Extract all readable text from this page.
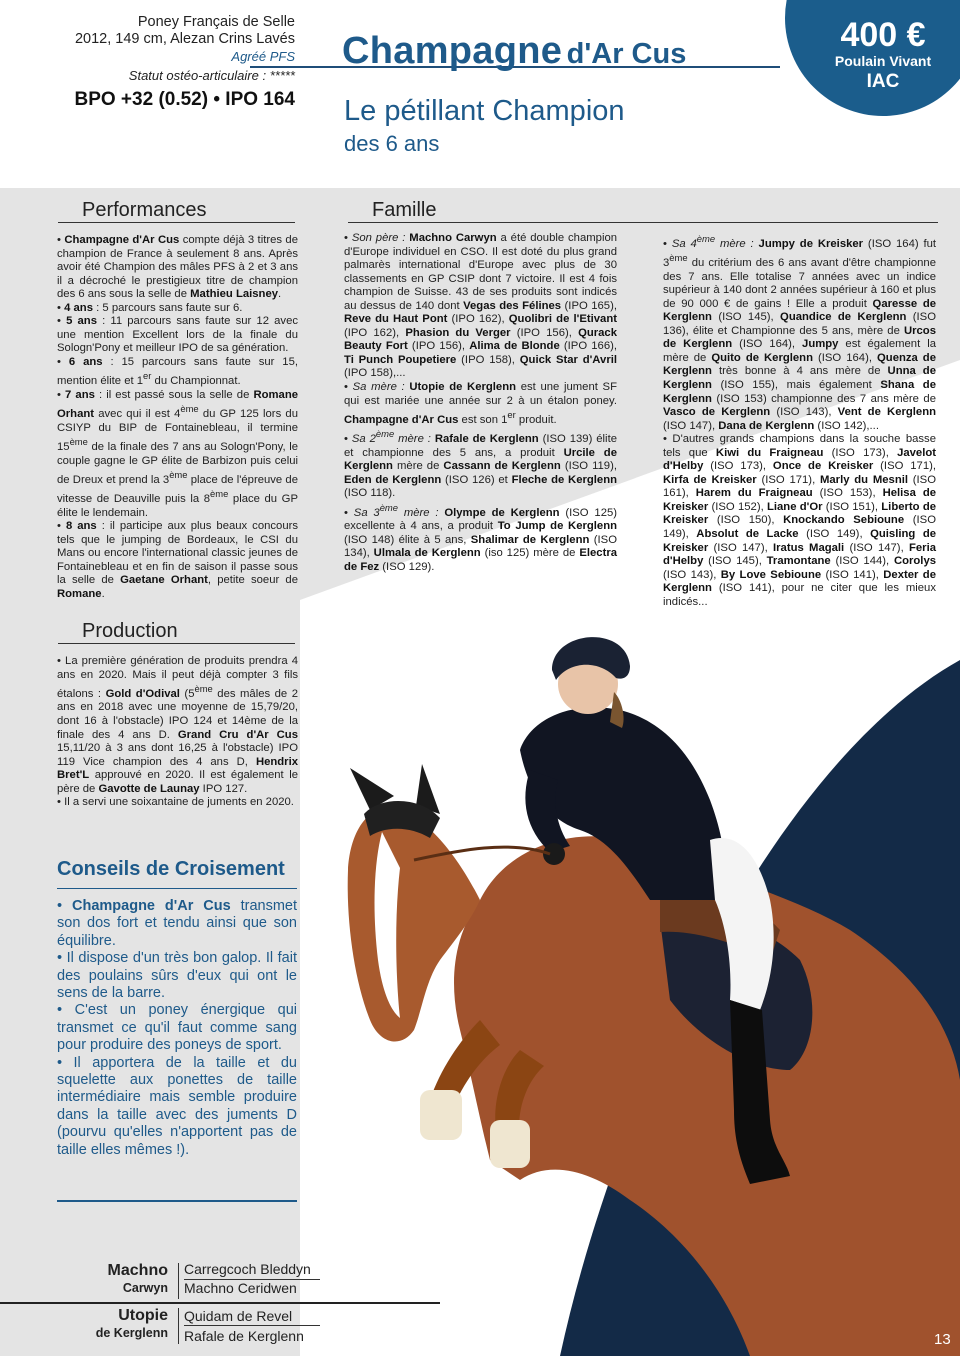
Poney Français de Selle
2012, 149 cm, Alezan Crins Lavés
Agréé PFS
Statut ostéo-articulaire : *****
BPO +32 (0.52) • IPO 164
Champagne d'Ar Cus
Le pétillant Champion
des 6 ans
400 €
Poulain Vivant
IAC
Performances

• Champagne d'Ar Cus compte déjà 3 titres de champion de France à seulement 8 ans. Après avoir été Champion des mâles PFS à 2 et 3 ans il a décroché le prestigieux titre de champion des 6 ans sous la selle de Mathieu Laisney.

• 4 ans : 5 parcours sans faute sur 6.

• 5 ans : 11 parcours sans faute sur 12 avec une mention Excellent lors de la finale du Sologn'Pony et meilleur IPO de sa génération.

• 6 ans : 15 parcours sans faute sur 15, mention élite et 1er du Championnat.

• 7 ans : il est passé sous la selle de Romane Orhant avec qui il est 4ème du GP 125 lors du CSIYP du BIP de Fontainebleau, il termine 15ème de la finale des 7 ans au Sologn'Pony, le couple gagne le GP élite de Barbizon puis celui de Dreux et prend la 3ème place de l'épreuve de vitesse de Deauville puis la 8ème place du GP élite le lendemain.

• 8 ans : il participe aux plus beaux concours tels que le jumping de Bordeaux, le CSI du Mans ou encore l'international classic jeunes de Fontainebleau et en fin de saison il passe sous la selle de Gaetane Orhant, petite soeur de Romane.

Famille

• Son père : Machno Carwyn a été double champion d'Europe individuel en CSO. Il est doté du plus grand palmarès international d'Europe avec plus de 30 classements en GP CSIP dont 7 victoire. Il est 4 fois champion de Suisse. 43 de ses produits sont indicés au dessus de 140 dont Vegas des Félines (IPO 165), Reve du Haut Pont (IPO 162), Quolibri de l'Etivant (IPO 162), Phasion du Verger (IPO 156), Qurack Beauty Fort (IPO 156), Alima de Blonde (IPO 166), Ti Punch Poupetiere (IPO 158), Quick Star d'Avril (IPO 158),...

• Sa mère : Utopie de Kerglenn est une jument SF qui est mariée une année sur 2 à un étalon poney. Champagne d'Ar Cus est son 1er produit.

• Sa 2ème mère : Rafale de Kerglenn (ISO 139) élite et championne des 5 ans, a produit Urcile de Kerglenn mère de Cassann de Kerglenn (ISO 119), Eden de Kerglenn (ISO 126) et Fleche de Kerglenn (ISO 118).

• Sa 3ème mère : Olympe de Kerglenn (ISO 125) excellente à 4 ans, a produit To Jump de Kerglenn (ISO 148) élite à 5 ans, Shalimar de Kerglenn (ISO 134), Ulmala de Kerglenn (iso 125) mère de Electra de Fez (ISO 129).

• Sa 4ème mère : Jumpy de Kreisker (ISO 164) fut 3ème du critérium des 6 ans avant d'être championne des 7 ans. Elle totalise 7 années avec un indice supérieur à 140 dont 2 années supérieur à 160 et plus de 90 000 € de gains ! Elle a produit Qaresse de Kerglenn (ISO 145), Quandice de Kerglenn (ISO 136), élite et Championne des 5 ans, mère de Urcos de Kerglenn (ISO 164), Jumpy est également la mère de Quito de Kerglenn (ISO 164), Quenza de Kerglenn très bonne à 4 ans mère de Unna de Kerglenn (ISO 155), mais également Shana de Kerglenn (ISO 153) championne des 7 ans mère de Vasco de Kerglenn (ISO 143), Vent de Kerglenn (ISO 147), Dana de Kerglenn (ISO 142),...

• D'autres grands champions dans la souche basse tels que Kiwi du Fraigneau (ISO 173), Javelot d'Helby (ISO 173), Once de Kreisker (ISO 171), Kirfa de Kreisker (ISO 171), Marly du Mesnil (ISO 161), Harem du Fraigneau (ISO 153), Helisa de Kreisker (ISO 152), Liane d'Or (ISO 151), Liberto de Kreisker (ISO 150), Knockando Sebioune (ISO 149), Absolut de Lacke (ISO 149), Quisling de Kreisker (ISO 147), Iratus Magali (ISO 147), Feria d'Helby (ISO 145), Tramontane (ISO 144), Corolys (ISO 143), By Love Sebioune (ISO 141), Dexter de Kerglenn (ISO 141), pour ne citer que les mieux indicés...

Production

• La première génération de produits prendra 4 ans en 2020. Mais il peut déjà compter 3 fils étalons : Gold d'Odival (5ème des mâles de 2 ans en 2018 avec une moyenne de 15,79/20, dont 16 à l'obstacle) IPO 124 et 14ème de la finale des 4 ans D. Grand Cru d'Ar Cus 15,11/20 à 3 ans dont 16,25 à l'obstacle) IPO 119 Vice champion des 4 ans D, Hendrix Bret'L approuvé en 2020. Il est également le père de Gavotte de Launay IPO 127.

• Il a servi une soixantaine de juments en 2020.

Conseils de Croisement

• Champagne d'Ar Cus transmet son dos fort et tendu ainsi que son équilibre.

• Il dispose d'un très bon galop. Il fait des poulains sûrs d'eux qui ont le sens de la barre.

• C'est un poney énergique qui transmet ce qu'il faut comme sang pour produire des poneys de sport.

• Il apportera de la taille et du squelette aux ponettes de taille intermédiaire mais semble produire dans la taille avec des juments D (pourvu qu'elles n'apportent pas de taille elles mêmes !).

Machno
Carwyn
Utopie
de Kerglenn
Carregcoch Bleddyn
Machno Ceridwen
Quidam de Revel
Rafale de Kerglenn	13
